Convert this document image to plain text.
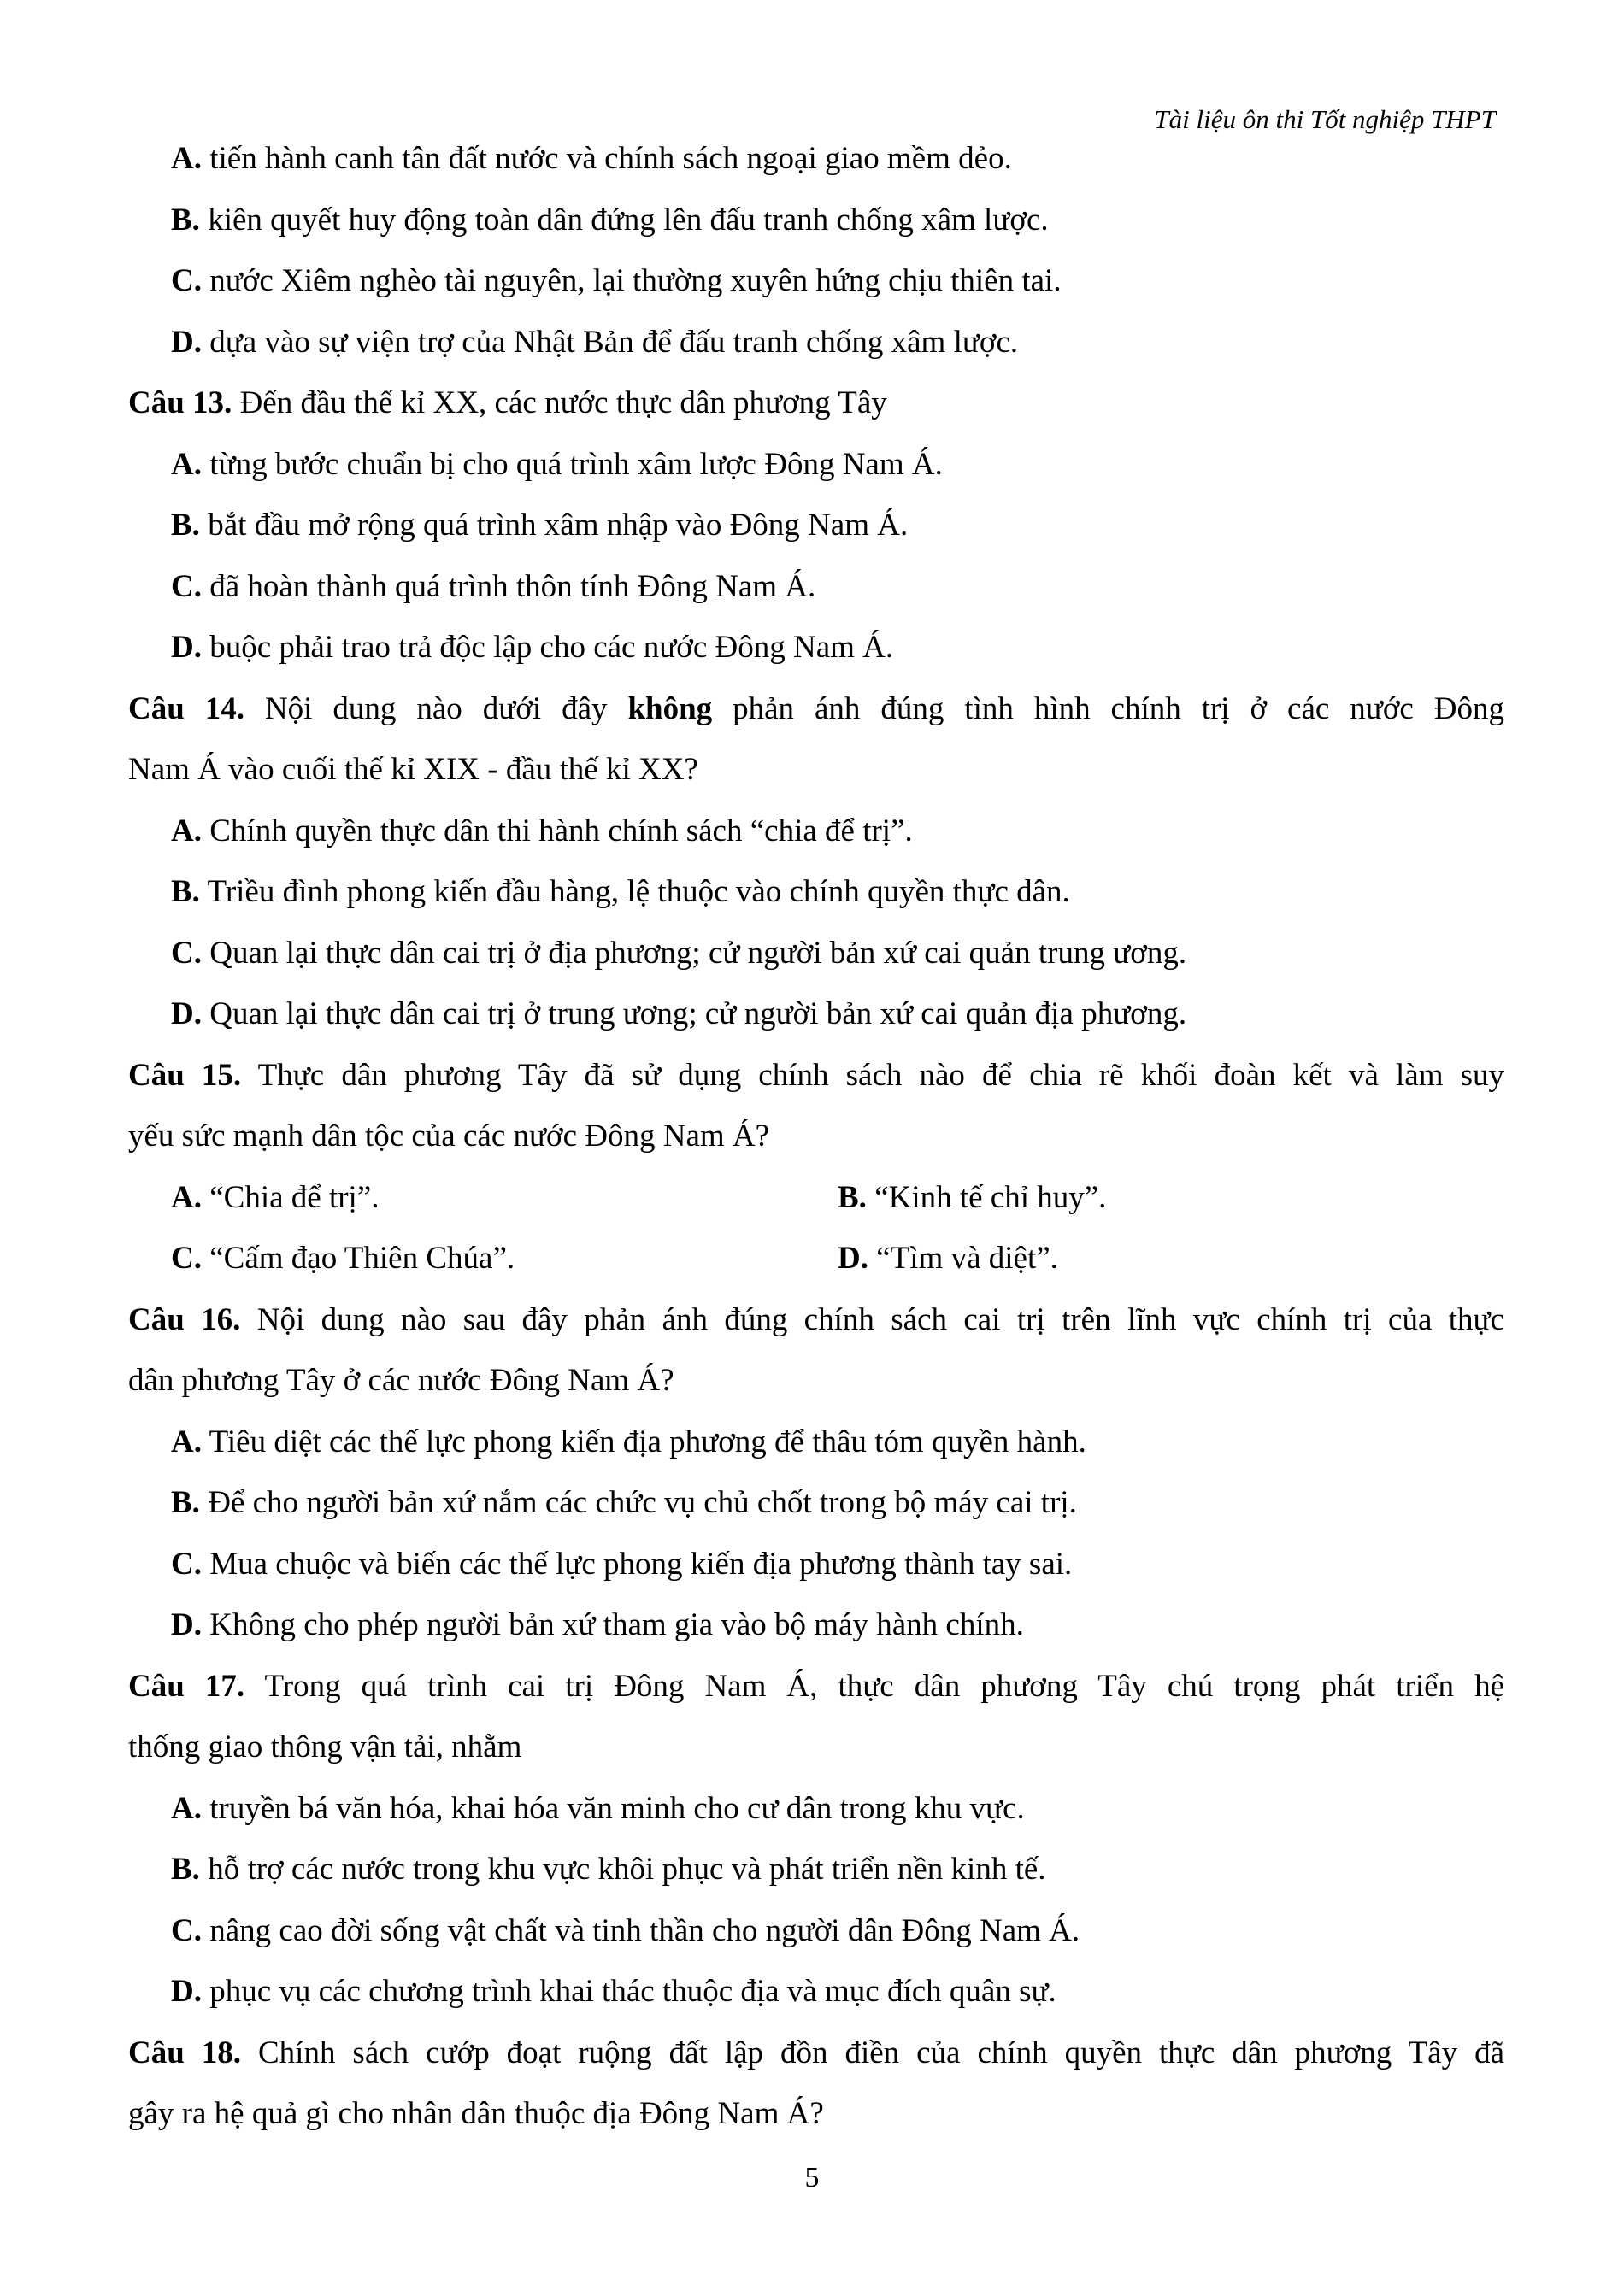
Tài liệu ôn thi Tốt nghiệp THPT
A. tiến hành canh tân đất nước và chính sách ngoại giao mềm dẻo.
B. kiên quyết huy động toàn dân đứng lên đấu tranh chống xâm lược.
C. nước Xiêm nghèo tài nguyên, lại thường xuyên hứng chịu thiên tai.
D. dựa vào sự viện trợ của Nhật Bản để đấu tranh chống xâm lược.
Câu 13. Đến đầu thế kỉ XX, các nước thực dân phương Tây
A. từng bước chuẩn bị cho quá trình xâm lược Đông Nam Á.
B. bắt đầu mở rộng quá trình xâm nhập vào Đông Nam Á.
C. đã hoàn thành quá trình thôn tính Đông Nam Á.
D. buộc phải trao trả độc lập cho các nước Đông Nam Á.
Câu 14. Nội dung nào dưới đây không phản ánh đúng tình hình chính trị ở các nước Đông
Nam Á vào cuối thế kỉ XIX - đầu thế kỉ XX?
A. Chính quyền thực dân thi hành chính sách “chia để trị”.
B. Triều đình phong kiến đầu hàng, lệ thuộc vào chính quyền thực dân.
C. Quan lại thực dân cai trị ở địa phương; cử người bản xứ cai quản trung ương.
D. Quan lại thực dân cai trị ở trung ương; cử người bản xứ cai quản địa phương.
Câu 15. Thực dân phương Tây đã sử dụng chính sách nào để chia rẽ khối đoàn kết và làm suy
yếu sức mạnh dân tộc của các nước Đông Nam Á?
A. “Chia để trị”.	B. “Kinh tế chỉ huy”.
C. “Cấm đạo Thiên Chúa”.	D. “Tìm và diệt”.
Câu 16. Nội dung nào sau đây phản ánh đúng chính sách cai trị trên lĩnh vực chính trị của thực
dân phương Tây ở các nước Đông Nam Á?
A. Tiêu diệt các thế lực phong kiến địa phương để thâu tóm quyền hành.
B. Để cho người bản xứ nắm các chức vụ chủ chốt trong bộ máy cai trị.
C. Mua chuộc và biến các thế lực phong kiến địa phương thành tay sai.
D. Không cho phép người bản xứ tham gia vào bộ máy hành chính.
Câu 17. Trong quá trình cai trị Đông Nam Á, thực dân phương Tây chú trọng phát triển hệ
thống giao thông vận tải, nhằm
A. truyền bá văn hóa, khai hóa văn minh cho cư dân trong khu vực.
B. hỗ trợ các nước trong khu vực khôi phục và phát triển nền kinh tế.
C. nâng cao đời sống vật chất và tinh thần cho người dân Đông Nam Á.
D. phục vụ các chương trình khai thác thuộc địa và mục đích quân sự.
Câu 18. Chính sách cướp đoạt ruộng đất lập đồn điền của chính quyền thực dân phương Tây đã
gây ra hệ quả gì cho nhân dân thuộc địa Đông Nam Á?
5
